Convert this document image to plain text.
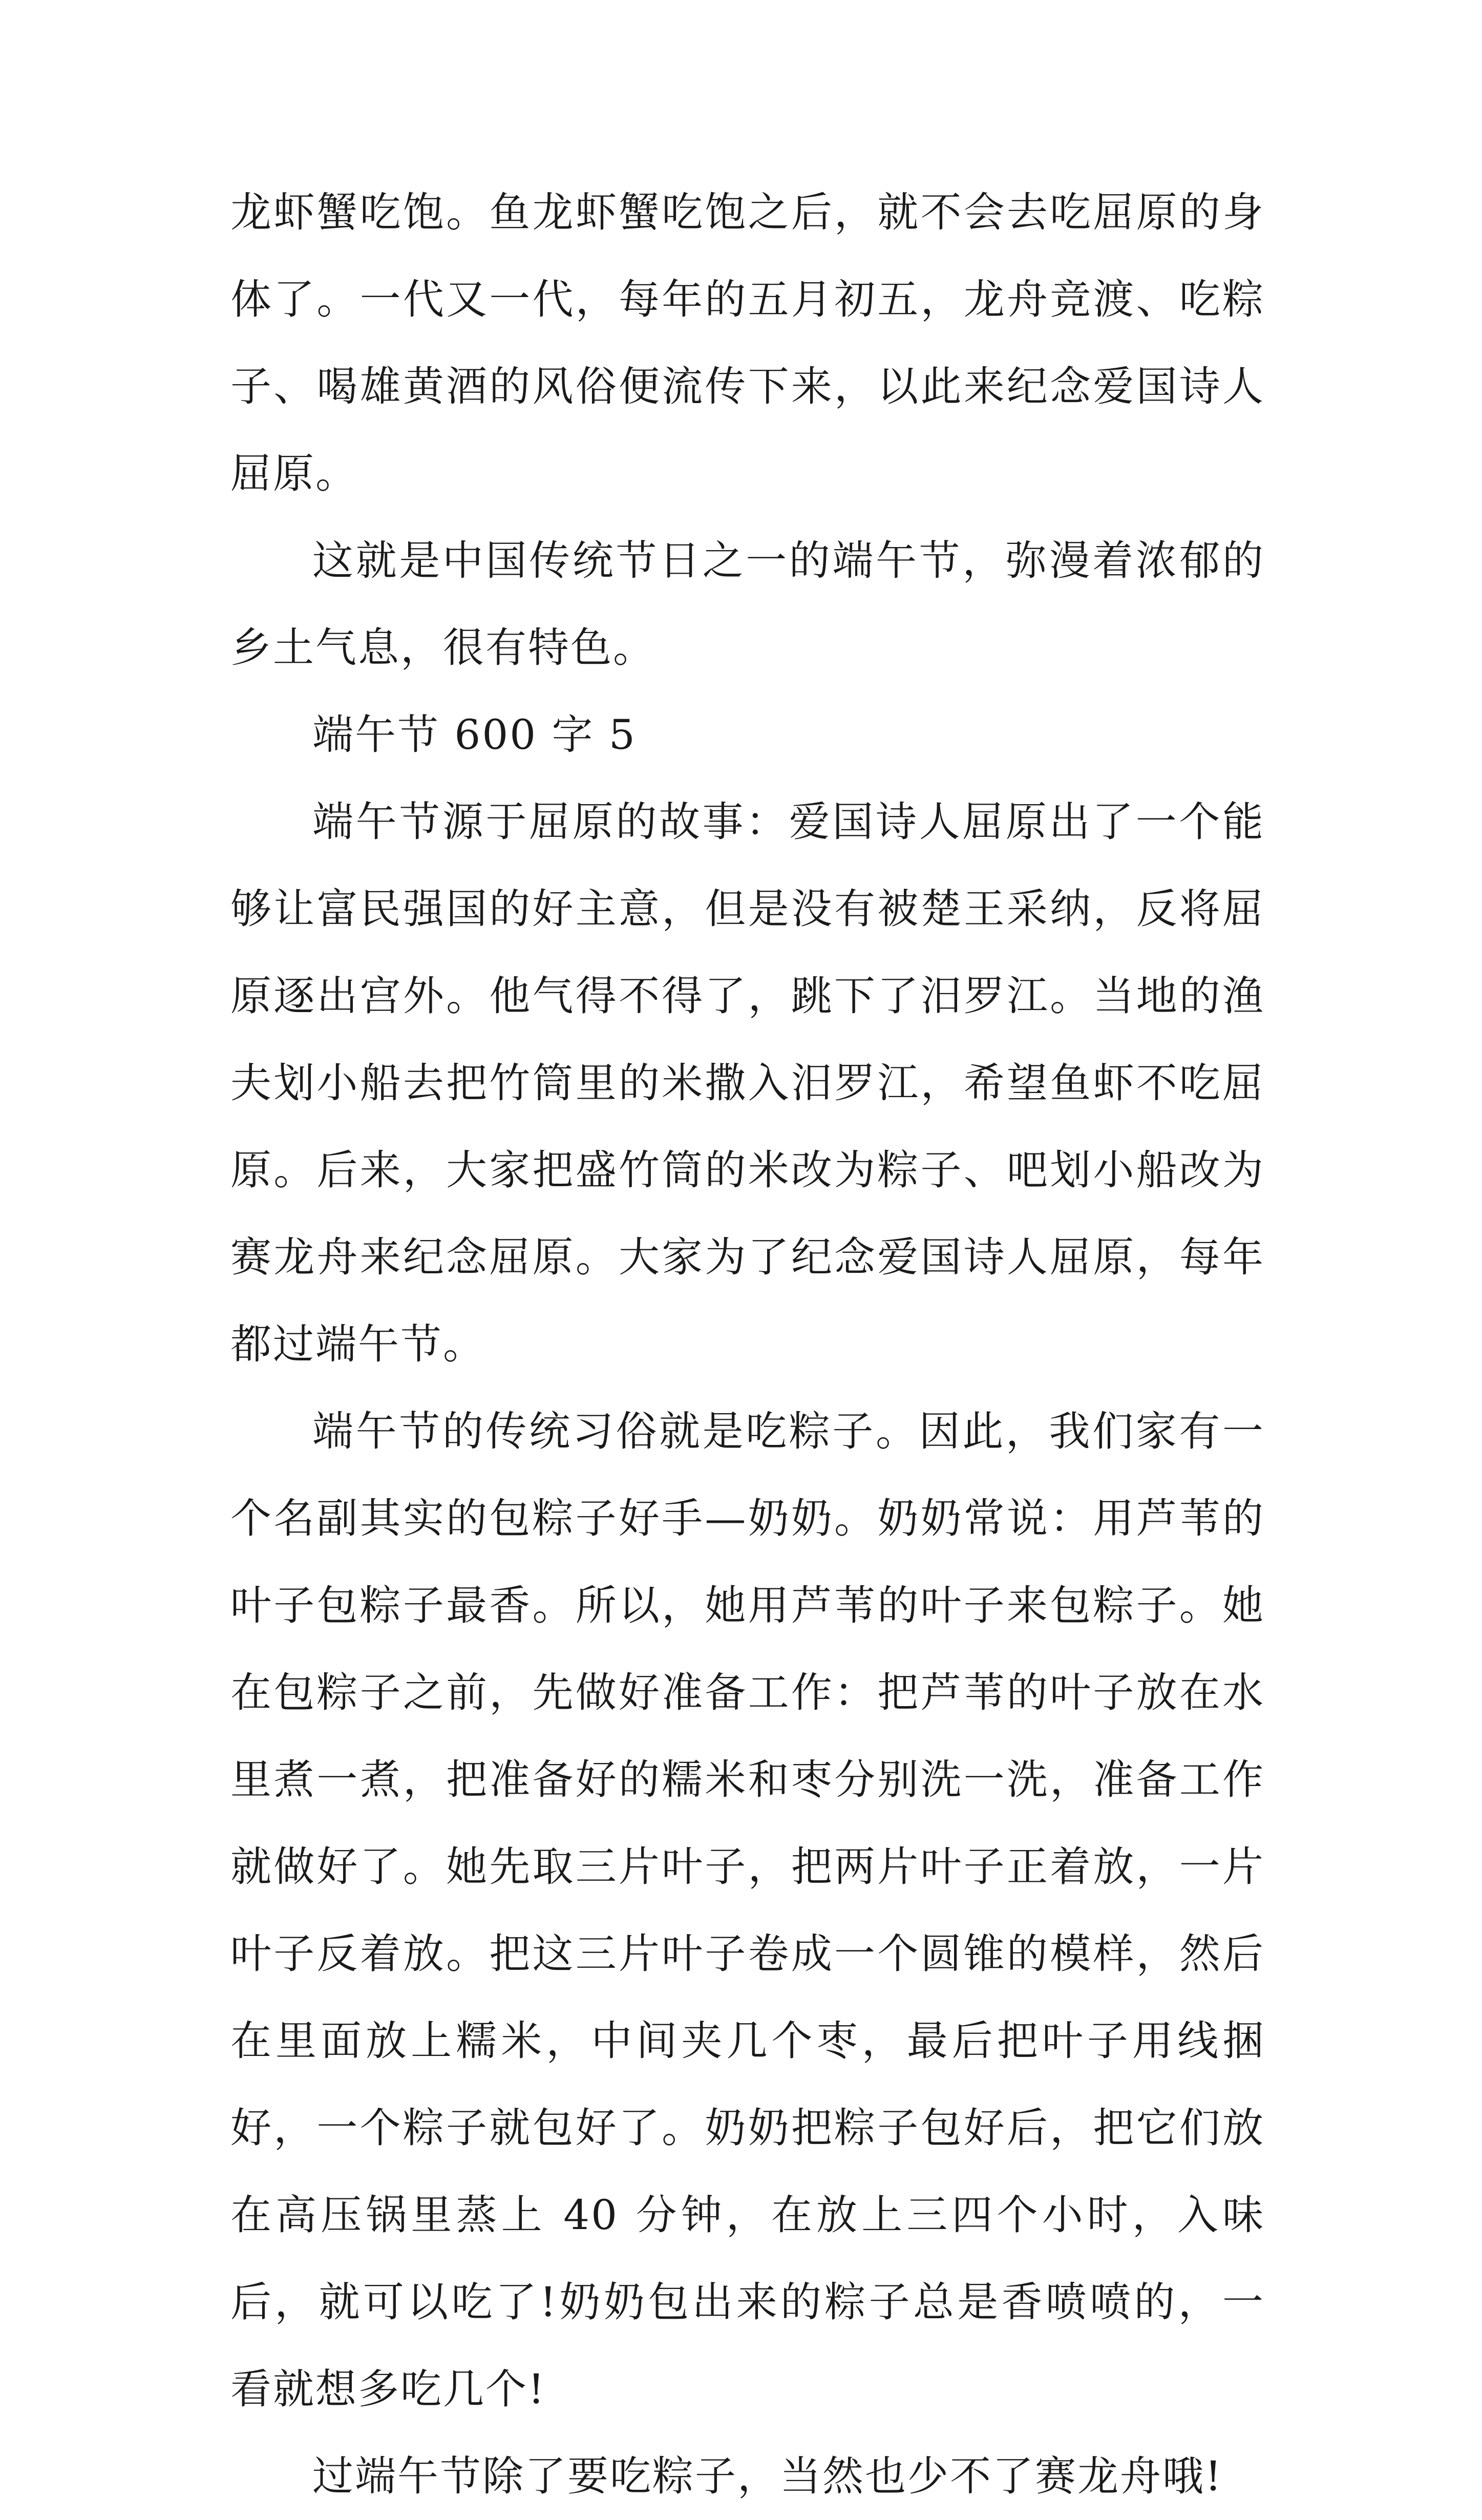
龙虾蟹吃饱。鱼龙虾蟹吃饱之后，就不会去吃屈原的身体了。一代又一代，每年的五月初五，龙舟竞渡、吃粽子、喝雄黄酒的风俗便流传下来，以此来纪念爱国诗人屈原。

这就是中国传统节日之一的端午节，弥漫着浓郁的乡土气息，很有特色。

端午节 600 字 5

端午节源于屈原的故事：爱国诗人屈原出了一个能够让富民强国的好主意，但是没有被楚王采纳，反将屈原逐出宫外。他气得不得了，跳下了汨罗江。当地的渔夫划小船去把竹筒里的米撒入汨罗江，希望鱼虾不吃屈原。后来，大家把盛竹筒的米改为粽子、吧划小船改为赛龙舟来纪念屈原。大家为了纪念爱国诗人屈原，每年都过端午节。

端午节的传统习俗就是吃粽子。因此，我们家有一个名副其实的包粽子好手—奶奶。奶奶常说：用芦苇的叶子包粽子最香。所以，她用芦苇的叶子来包粽子。她在包粽子之前，先做好准备工作：把芦苇的叶子放在水里煮一煮，把准备好的糯米和枣分别洗一洗，准备工作就做好了。她先取三片叶子，把两片叶子正着放，一片叶子反着放。把这三片叶子卷成一个圆锥的模样，然后在里面放上糯米，中间夹几个枣，最后把叶子用线捆好，一个粽子就包好了。奶奶把粽子包好后，把它们放在高压锅里蒸上 40 分钟，在放上三四个小时，入味后，就可以吃了!奶奶包出来的粽子总是香喷喷的，一看就想多吃几个!

过端午节除了要吃粽子，当然也少不了赛龙舟哦!
